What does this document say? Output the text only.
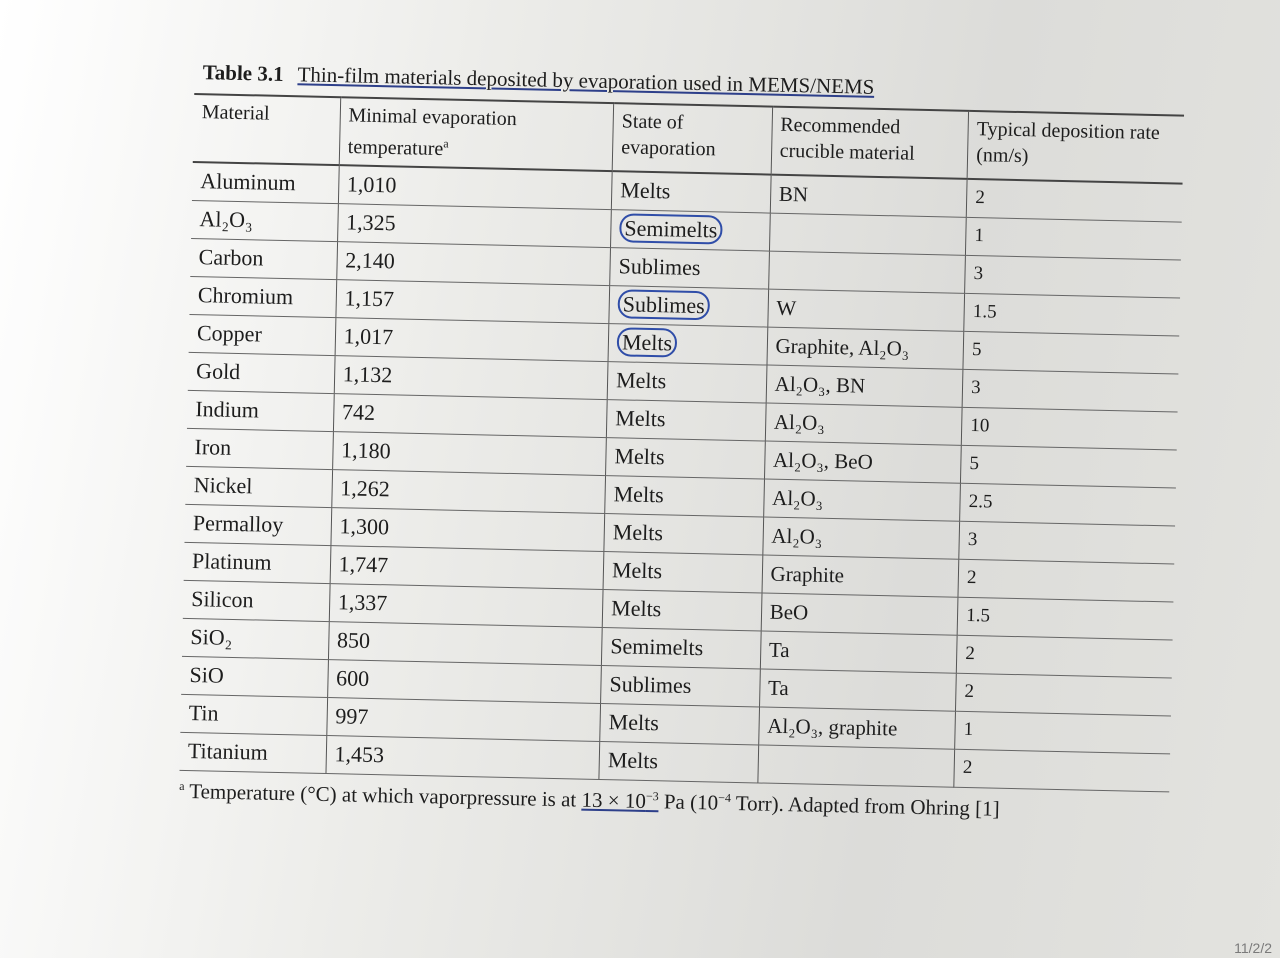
Table 3.1 Thin-film materials deposited by evaporation used in MEMS/NEMS
Material	Minimal evaporation temperature$^a$	State of evaporation	Recommended crucible material	Typical deposition rate (nm/s)
Aluminum	1,010	Melts	BN	2
Al₂O₃	1,325	Semimelts		1
Carbon	2,140	Sublimes		3
Chromium	1,157	Sublimes	W	1.5
Copper	1,017	Melts	Graphite, Al₂O₃	5
Gold	1,132	Melts	Al₂O₃, BN	3
Indium	742	Melts	Al₂O₃	10
Iron	1,180	Melts	Al₂O₃, BeO	5
Nickel	1,262	Melts	Al₂O₃	2.5
Permalloy	1,300	Melts	Al₂O₃	3
Platinum	1,747	Melts	Graphite	2
Silicon	1,337	Melts	BeO	1.5
SiO₂	850	Semimelts	Ta	2
SiO	600	Sublimes	Ta	2
Tin	997	Melts	Al₂O₃, graphite	1
Titanium	1,453	Melts		2
$^a$ Temperature (°C) at which vaporpressure is at $13 \times 10^{-3}$ Pa ($10^{-4}$ Torr). Adapted from Ohring [1]
11/2/2
